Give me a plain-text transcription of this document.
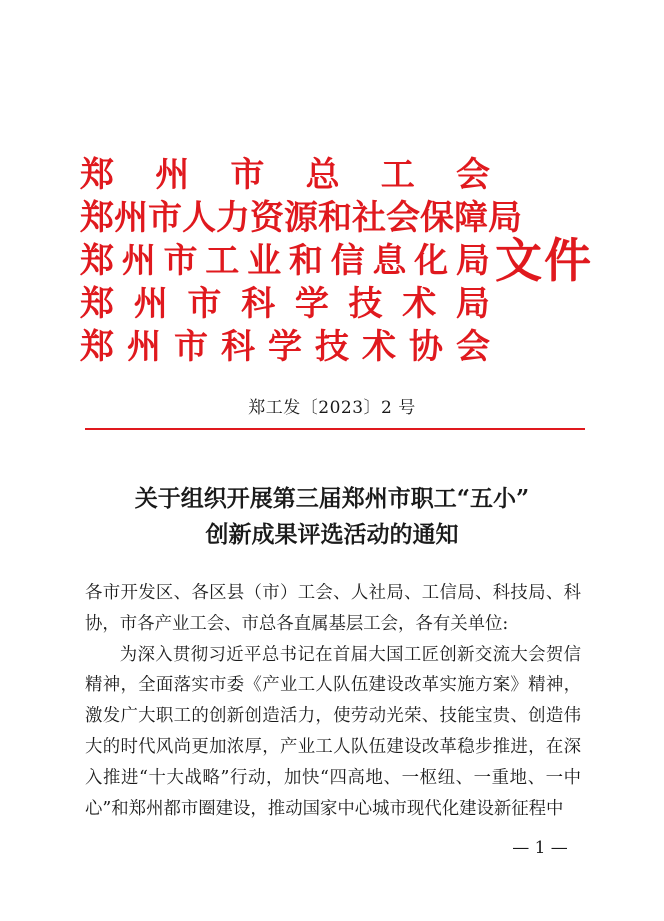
郑 州 市 总 工 会
郑 州 市 人 力 资 源 和 社 会 保 障 局
郑 州 市 工 业 和 信 息 化 局
郑 州 市 科 学 技 术 局
郑 州 市 科 学 技 术 协 会
文件
郑工发〔2023〕2 号
关于组织开展第三届郑州市职工“五小”
创新成果评选活动的通知

各市开发区、各区县（市）工会、人社局、工信局、科技局、科协，市各产业工会、市总各直属基层工会，各有关单位:

为深入贯彻习近平总书记在首届大国工匠创新交流大会贺信精神，全面落实市委《产业工人队伍建设改革实施方案》精神，激发广大职工的创新创造活力，使劳动光荣、技能宝贵、创造伟大的时代风尚更加浓厚，产业工人队伍建设改革稳步推进，在深入推进“十大战略”行动，加快“四高地、一枢纽、一重地、一中心”和郑州都市圈建设，推动国家中心城市现代化建设新征程中

— 1 —
